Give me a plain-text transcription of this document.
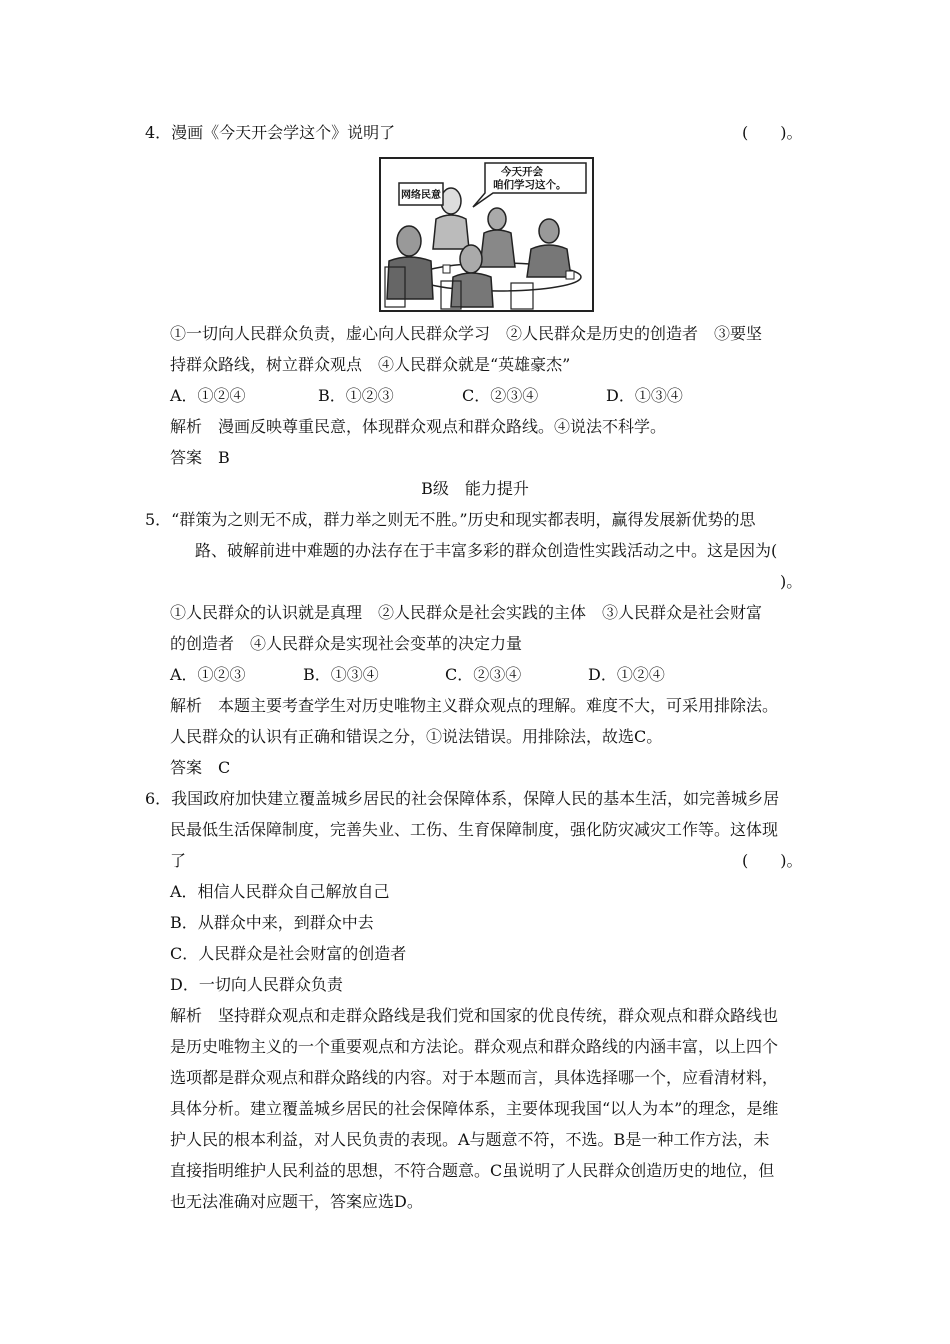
4．漫画《今天开会学这个》说明了	(　　)。
今天开会
咱们学习这个。
网络民意
①一切向人民群众负责，虚心向人民群众学习　②人民群众是历史的创造者　③要坚
持群众路线，树立群众观点　④人民群众就是“英雄豪杰”
A．①②④	B．①②③	C．②③④	D．①③④
解析　漫画反映尊重民意，体现群众观点和群众路线。④说法不科学。
答案　B
B级　能力提升
5．“群策为之则无不成，群力举之则无不胜。”历史和现实都表明，赢得发展新优势的思
路、破解前进中难题的办法存在于丰富多彩的群众创造性实践活动之中。这是因为(
)。
①人民群众的认识就是真理　②人民群众是社会实践的主体　③人民群众是社会财富
的创造者　④人民群众是实现社会变革的决定力量
A．①②③	B．①③④	C．②③④	D．①②④
解析　本题主要考查学生对历史唯物主义群众观点的理解。难度不大，可采用排除法。
人民群众的认识有正确和错误之分，①说法错误。用排除法，故选C。
答案　C
6．我国政府加快建立覆盖城乡居民的社会保障体系，保障人民的基本生活，如完善城乡居
民最低生活保障制度，完善失业、工伤、生育保障制度，强化防灾减灾工作等。这体现
了	(　　)。
A．相信人民群众自己解放自己
B．从群众中来，到群众中去
C．人民群众是社会财富的创造者
D．一切向人民群众负责
解析　坚持群众观点和走群众路线是我们党和国家的优良传统，群众观点和群众路线也
是历史唯物主义的一个重要观点和方法论。群众观点和群众路线的内涵丰富，以上四个
选项都是群众观点和群众路线的内容。对于本题而言，具体选择哪一个，应看清材料，
具体分析。建立覆盖城乡居民的社会保障体系，主要体现我国“以人为本”的理念，是维
护人民的根本利益，对人民负责的表现。A与题意不符，不选。B是一种工作方法，未
直接指明维护人民利益的思想，不符合题意。C虽说明了人民群众创造历史的地位，但
也无法准确对应题干，答案应选D。
